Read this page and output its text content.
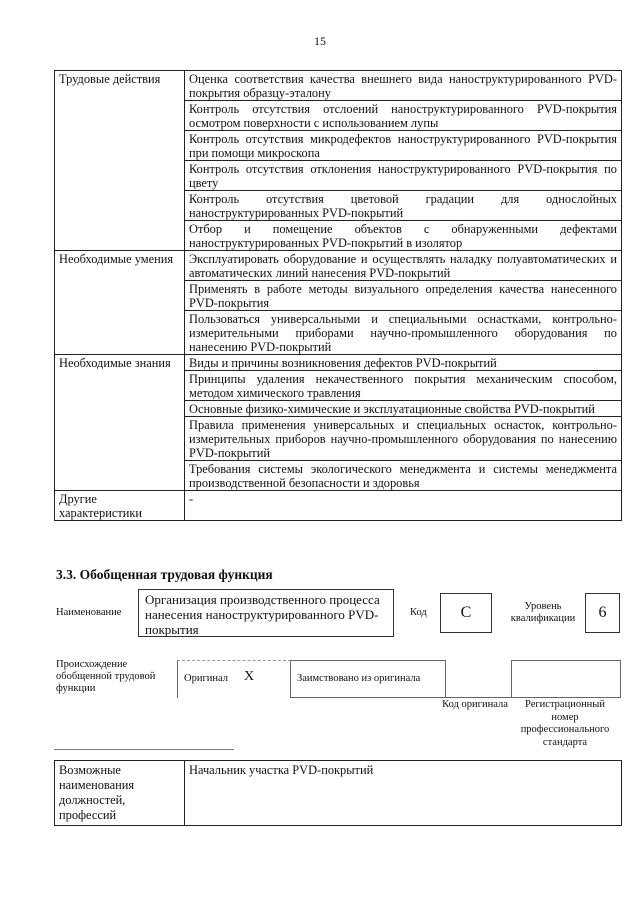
15
Трудовые действия	Оценка соответствия качества внешнего вида наноструктурированного PVD-покрытия образцу-эталону
	Контроль отсутствия отслоений наноструктурированного PVD-покрытия осмотром поверхности с использованием лупы
	Контроль отсутствия микродефектов наноструктурированного PVD-покрытия при помощи микроскопа
	Контроль отсутствия отклонения наноструктурированного PVD-покрытия по цвету
	Контроль отсутствия цветовой градации для однослойных наноструктурированных PVD-покрытий
	Отбор и помещение объектов с обнаруженными дефектами наноструктурированных PVD-покрытий в изолятор
Необходимые умения	Эксплуатировать оборудование и осуществлять наладку полуавтоматических и автоматических линий нанесения PVD-покрытий
	Применять в работе методы визуального определения качества нанесенного PVD-покрытия
	Пользоваться универсальными и специальными оснастками, контрольно-измерительными приборами научно-промышленного оборудования по нанесению PVD-покрытий
Необходимые знания	Виды и причины возникновения дефектов PVD-покрытий
	Принципы удаления некачественного покрытия механическим способом, методом химического травления
	Основные физико-химические и эксплуатационные свойства PVD-покрытий
	Правила применения универсальных и специальных оснасток, контрольно-измерительных приборов научно-промышленного оборудования по нанесению PVD-покрытий
	Требования системы экологического менеджмента и системы менеджмента производственной безопасности и здоровья
Другие характеристики	-
3.3. Обобщенная трудовая функция
Наименование
Организация производственного процесса нанесения наноструктурированного PVD-покрытия
Код	C	Уровень квалификации	6
Происхождение обобщенной трудовой функции
Оригинал X	Заимствовано из оригинала
Код оригинала	Регистрационный номер профессионального стандарта
Возможные наименования должностей, профессий	Начальник участка PVD-покрытий
